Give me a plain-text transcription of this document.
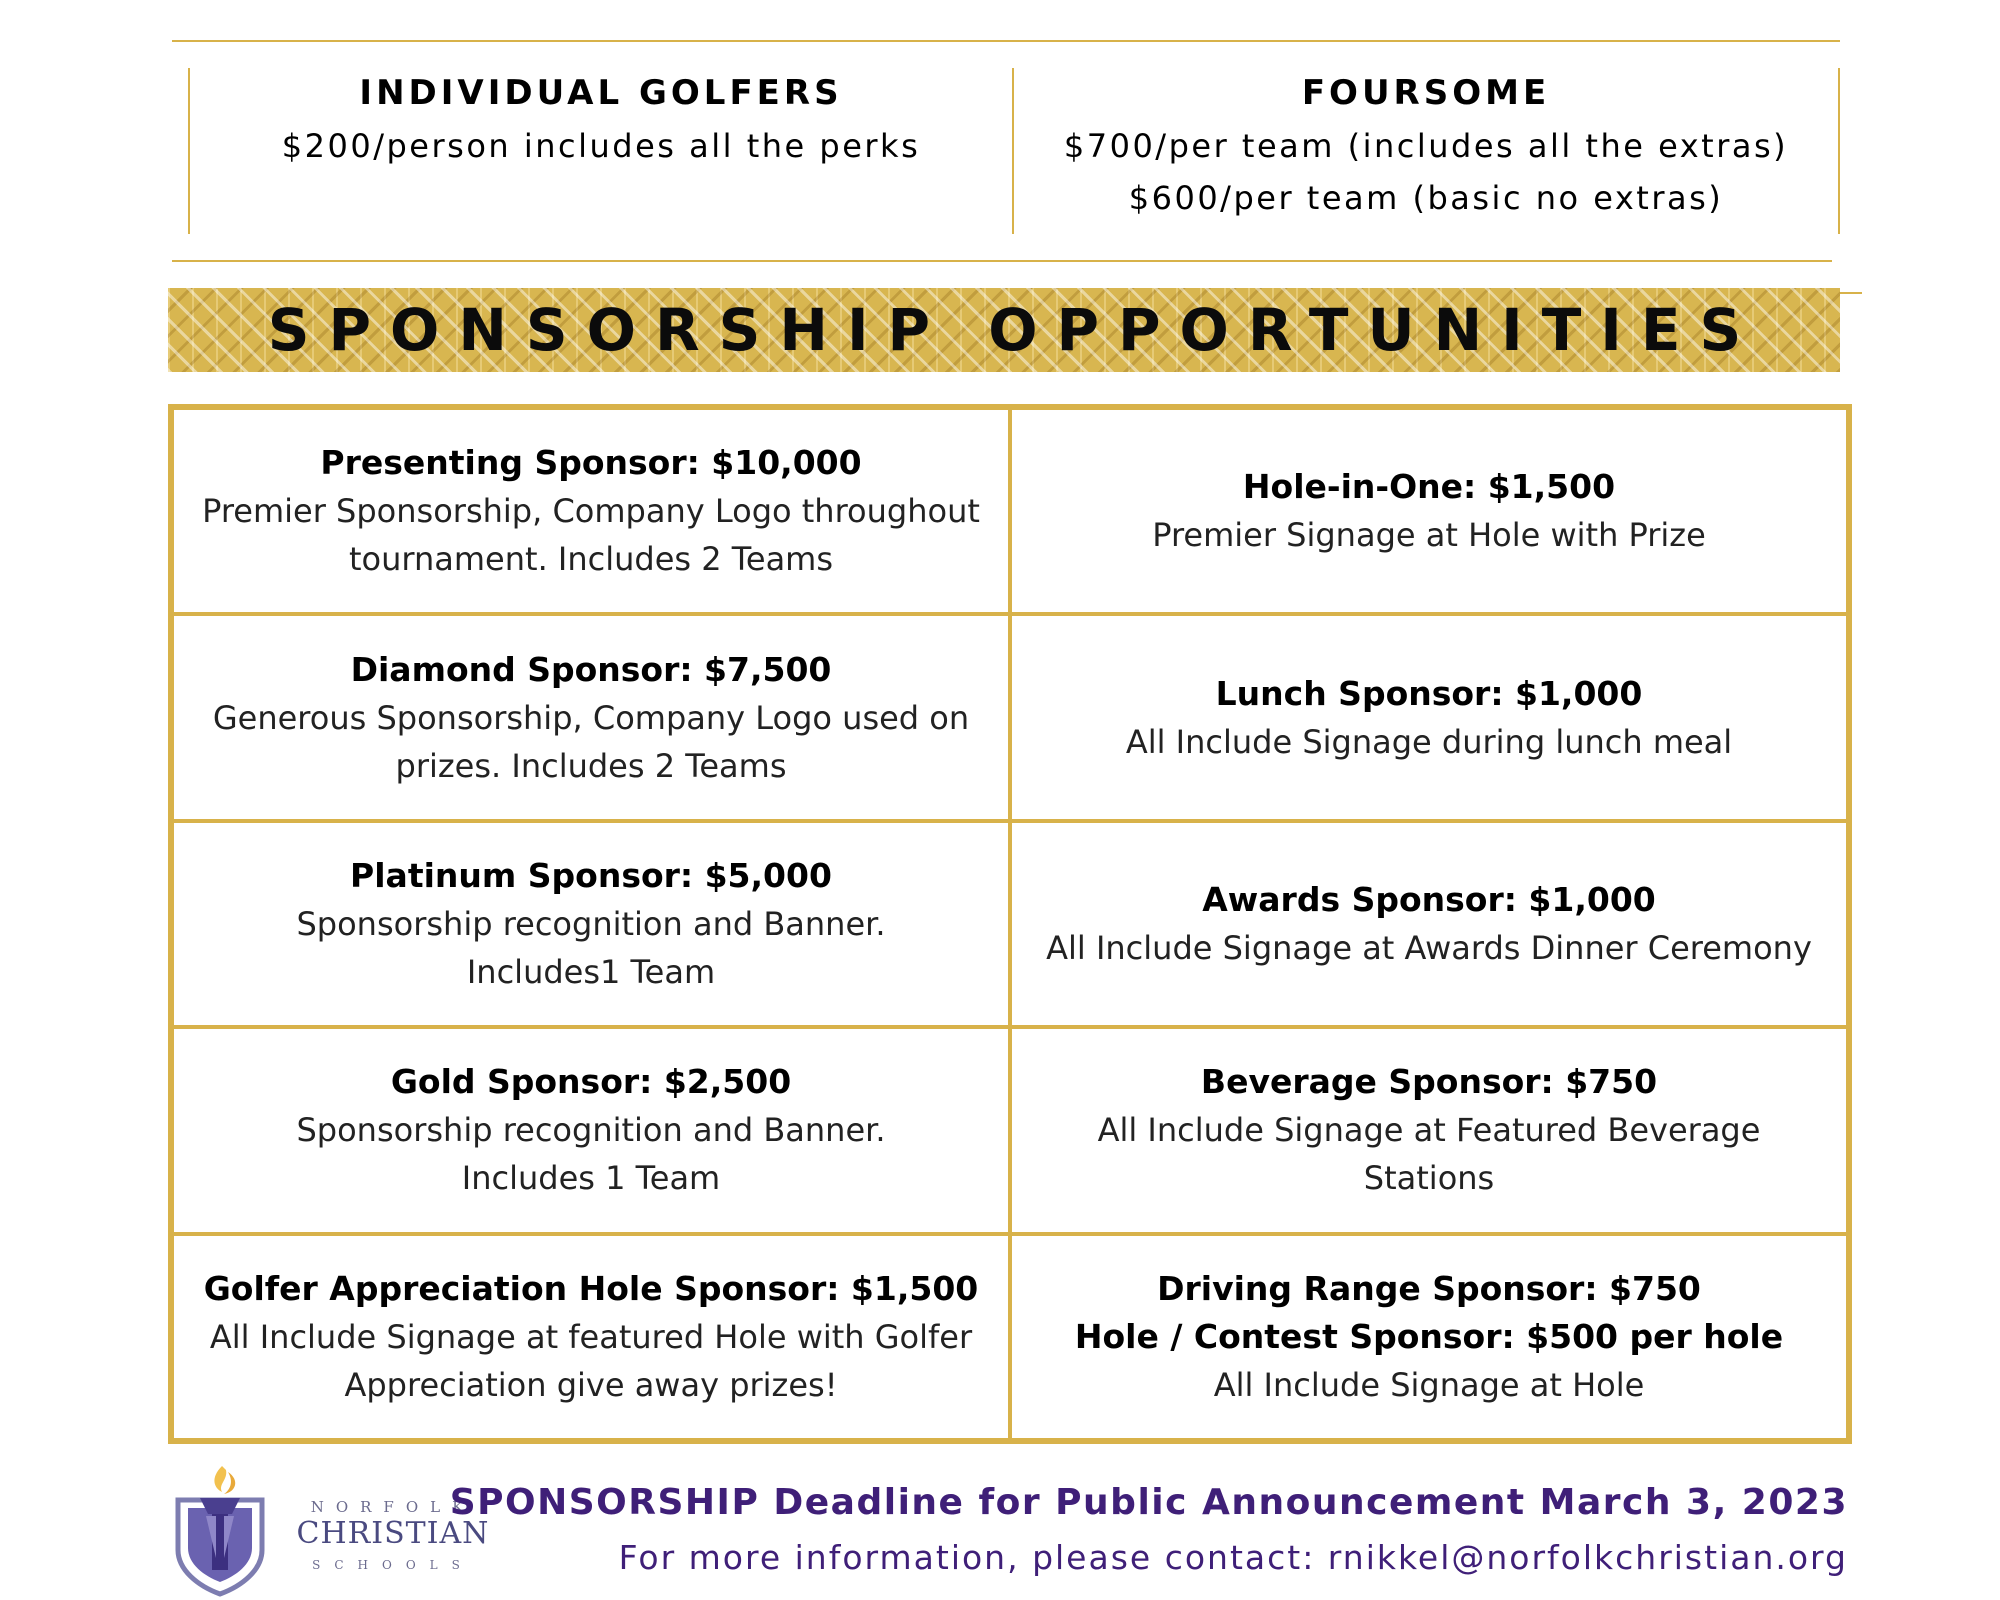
INDIVIDUAL GOLFERS
$200/person includes all the perks
FOURSOME
$700/per team (includes all the extras)
$600/per team (basic no extras)
SPONSORSHIP OPPORTUNITIES
Presenting Sponsor: $10,000
Premier Sponsorship, Company Logo throughout
tournament. Includes 2 Teams
Hole-in-One: $1,500
Premier Signage at Hole with Prize
Diamond Sponsor: $7,500
Generous Sponsorship, Company Logo used on
prizes. Includes 2 Teams
Lunch Sponsor: $1,000
All Include Signage during lunch meal
Platinum Sponsor: $5,000
Sponsorship recognition and Banner.
Includes1 Team
Awards Sponsor: $1,000
All Include Signage at Awards Dinner Ceremony
Gold Sponsor: $2,500
Sponsorship recognition and Banner.
Includes 1 Team
Beverage Sponsor: $750
All Include Signage at Featured Beverage Stations
Golfer Appreciation Hole Sponsor: $1,500
All Include Signage at featured Hole with Golfer
Appreciation give away prizes!
Driving Range Sponsor: $750
Hole / Contest Sponsor: $500 per hole
All Include Signage at Hole
NORFOLK
CHRISTIAN
SCHOOLS
SPONSORSHIP Deadline for Public Announcement March 3, 2023
For more information, please contact: rnikkel@norfolkchristian.org
